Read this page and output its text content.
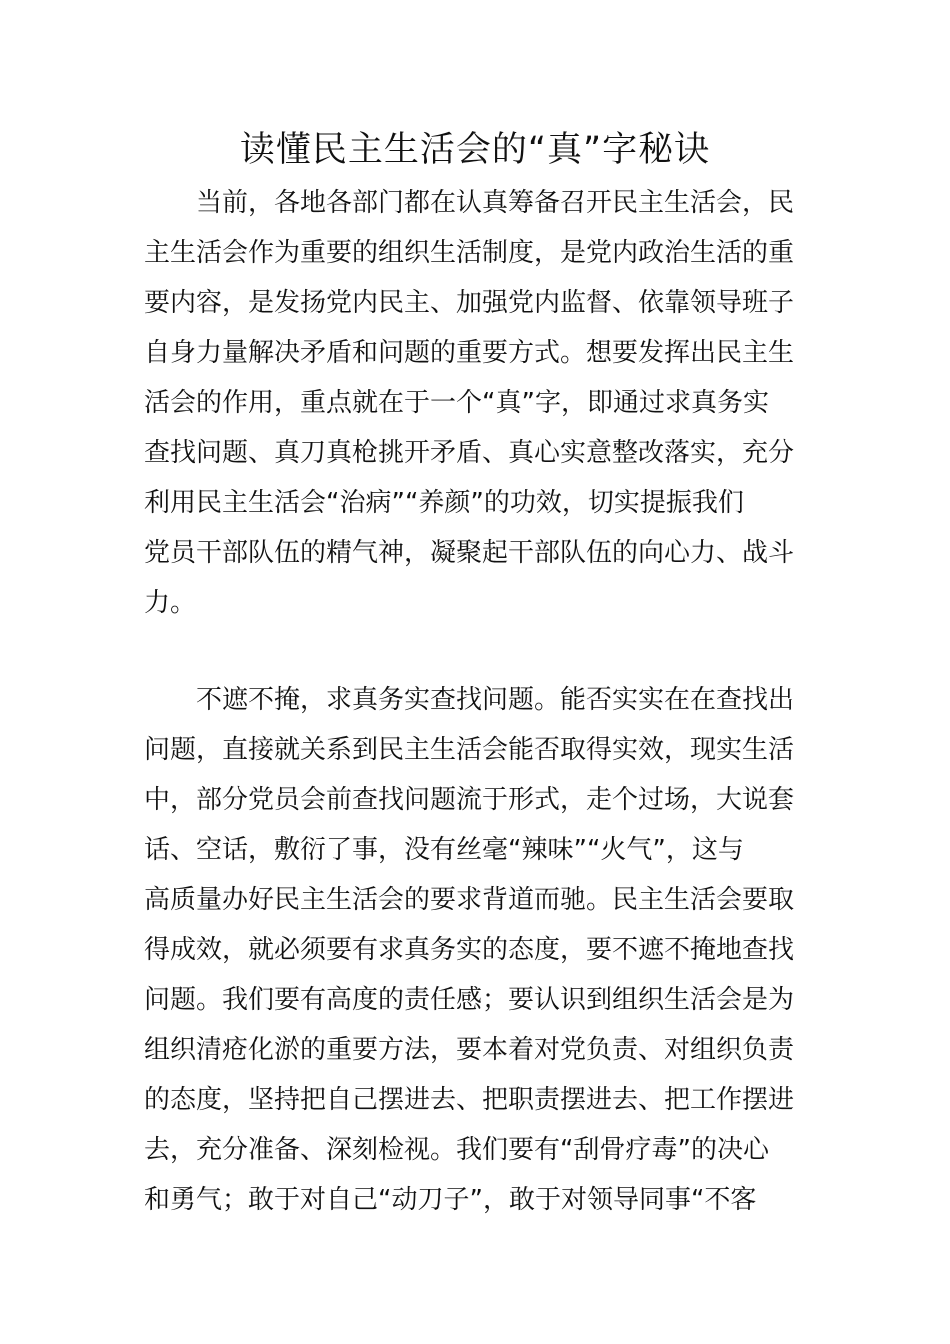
读懂民主生活会的“真”字秘诀
当前，各地各部门都在认真筹备召开民主生活会，民
主生活会作为重要的组织生活制度，是党内政治生活的重
要内容，是发扬党内民主、加强党内监督、依靠领导班子
自身力量解决矛盾和问题的重要方式。想要发挥出民主生
活会的作用，重点就在于一个“真”字，即通过求真务实
查找问题、真刀真枪挑开矛盾、真心实意整改落实，充分
利用民主生活会“治病”“养颜”的功效，切实提振我们
党员干部队伍的精气神，凝聚起干部队伍的向心力、战斗
力。
不遮不掩，求真务实查找问题。能否实实在在查找出
问题，直接就关系到民主生活会能否取得实效，现实生活
中，部分党员会前查找问题流于形式，走个过场，大说套
话、空话，敷衍了事，没有丝毫“辣味”“火气”，这与
高质量办好民主生活会的要求背道而驰。民主生活会要取
得成效，就必须要有求真务实的态度，要不遮不掩地查找
问题。我们要有高度的责任感；要认识到组织生活会是为
组织清疮化淤的重要方法，要本着对党负责、对组织负责
的态度，坚持把自己摆进去、把职责摆进去、把工作摆进
去，充分准备、深刻检视。我们要有“刮骨疗毒”的决心
和勇气；敢于对自己“动刀子”，敢于对领导同事“不客
